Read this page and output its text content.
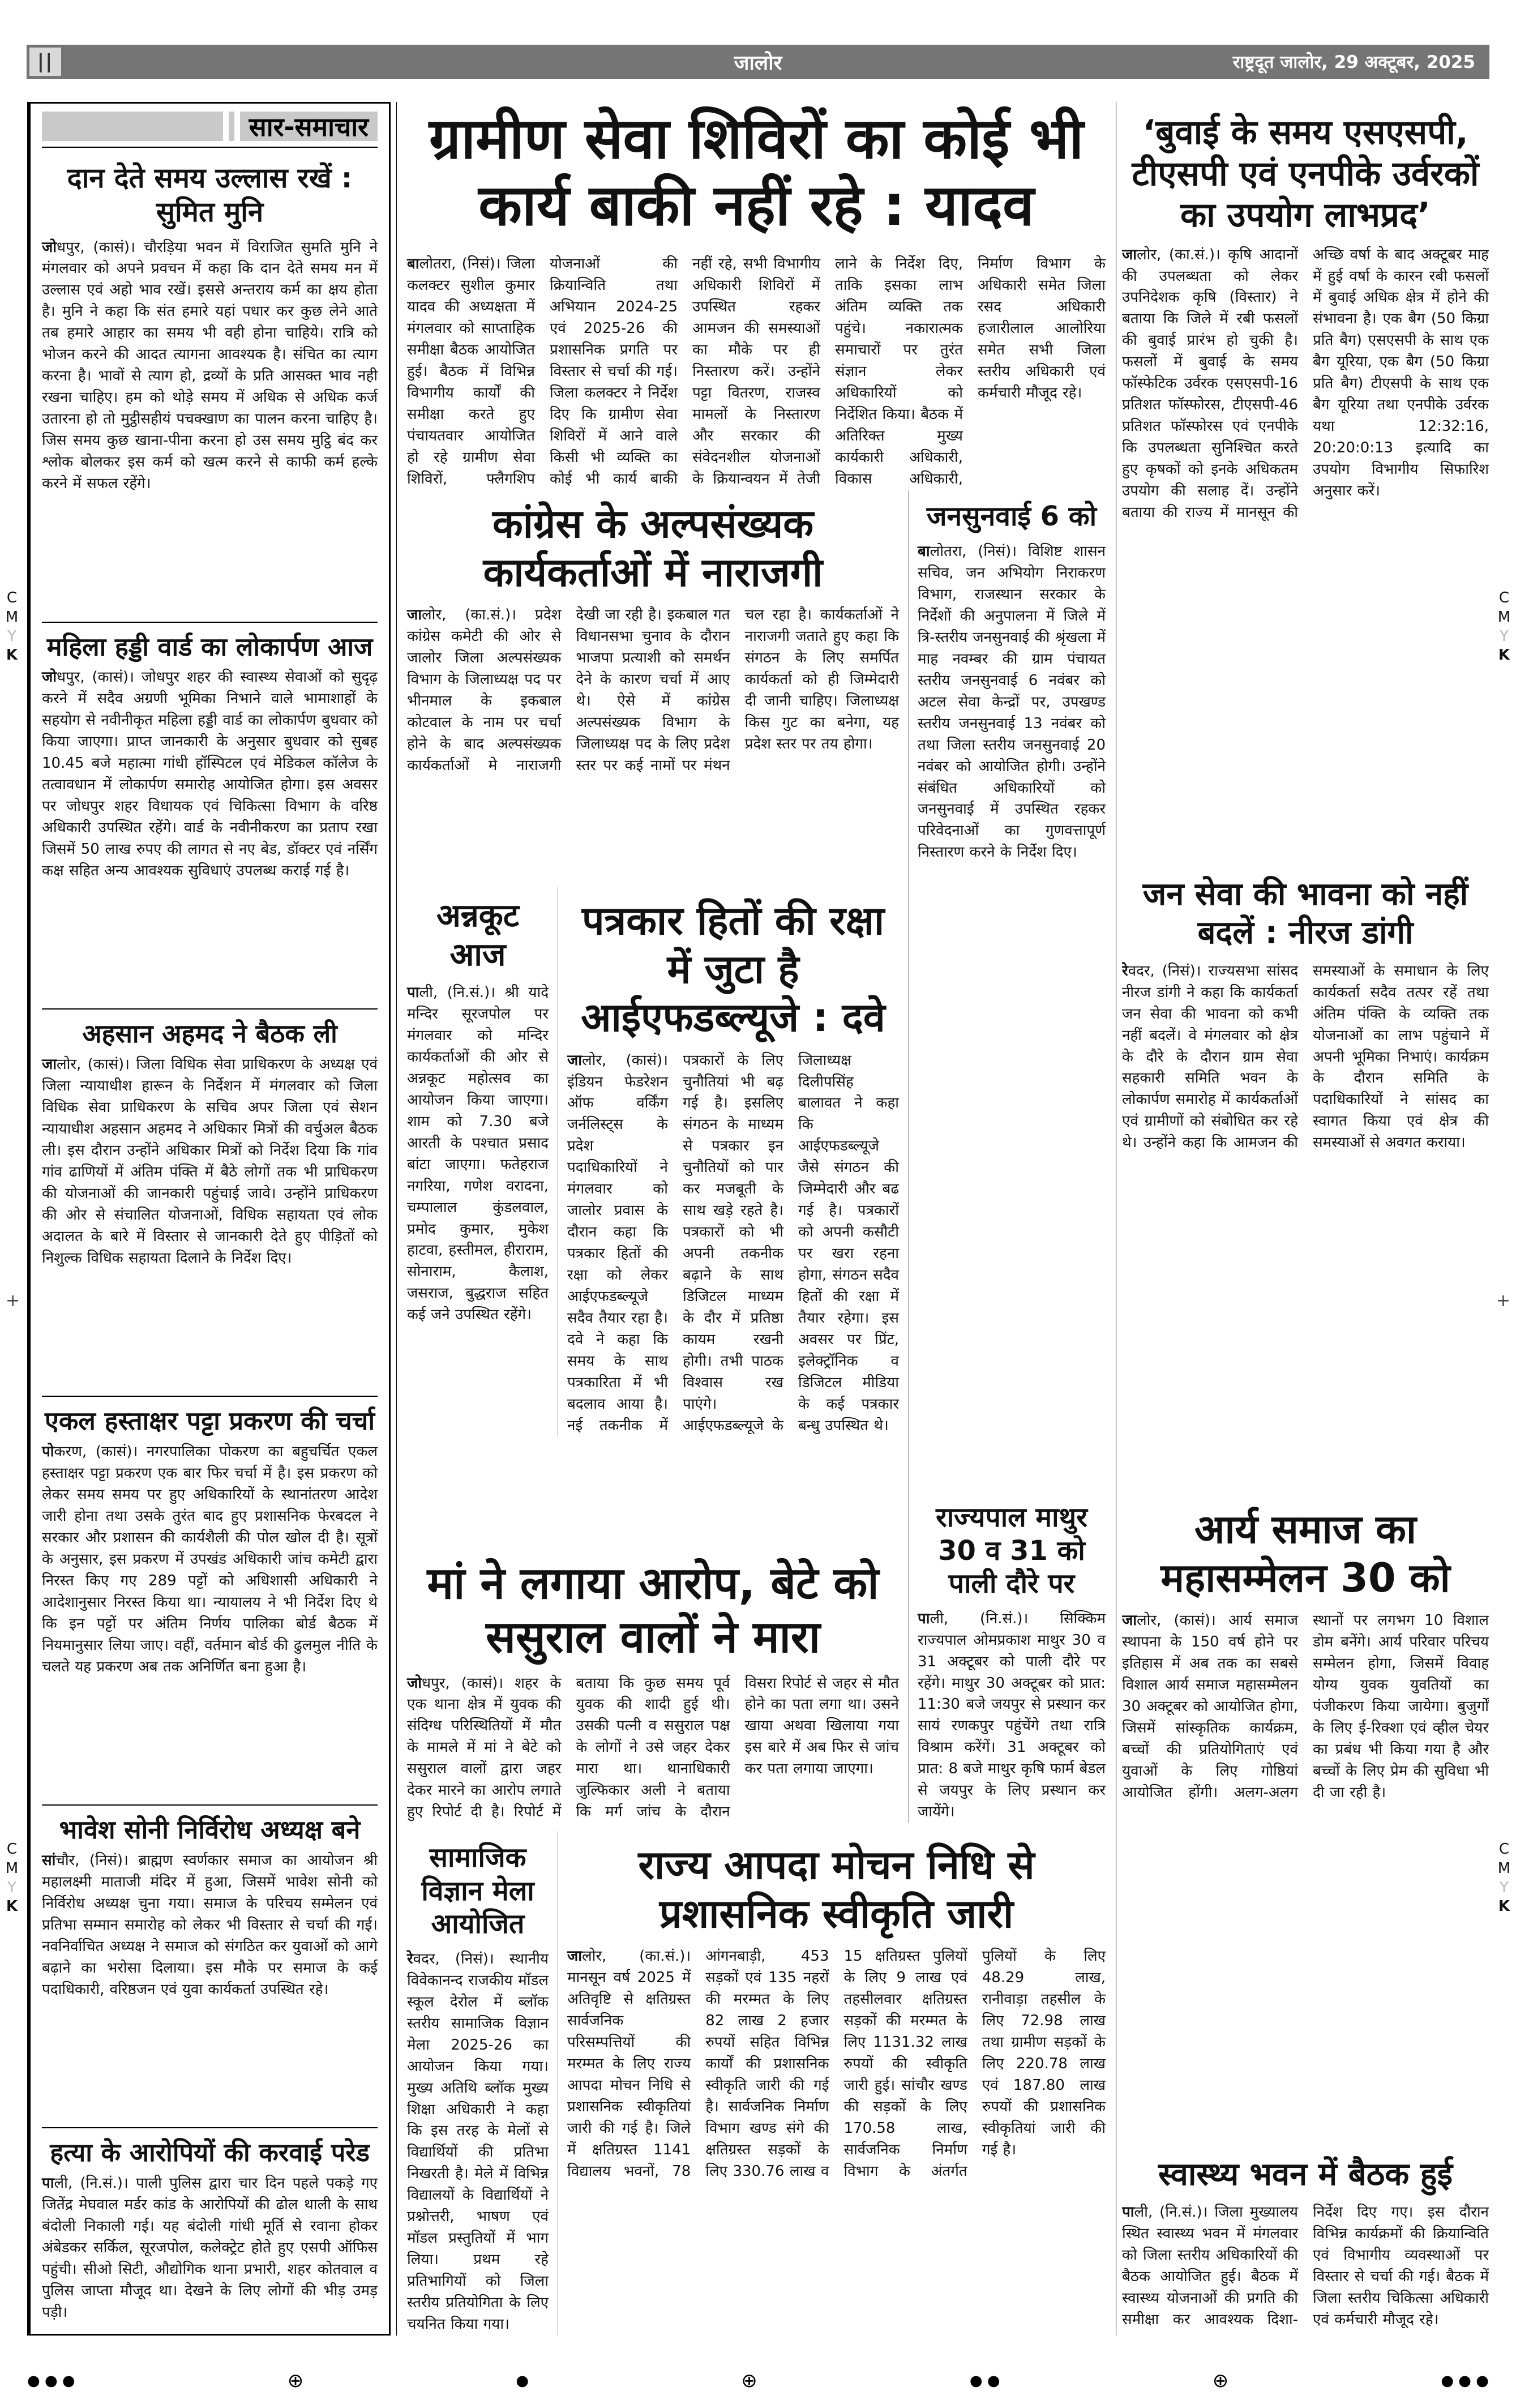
C
M
Y
K
C
M
Y
K
C
M
Y
K
C
M
Y
K
+	+
||	जालोर	राष्ट्रदूत जालोर, 29 अक्टूबर, 2025
सार-समाचार
दान देते समय उल्लास रखें : सुमित मुनि
जोधपुर, (कासं)। चौरड़िया भवन में विराजित सुमति मुनि ने मंगलवार को अपने प्रवचन में कहा कि दान देते समय मन में उल्लास एवं अहो भाव रखें। इससे अन्तराय कर्म का क्षय होता है। मुनि ने कहा कि संत हमारे यहां पधार कर कुछ लेने आते तब हमारे आहार का समय भी वही होना चाहिये। रात्रि को भोजन करने की आदत त्यागना आवश्यक है। संचित का त्याग करना है। भावों से त्याग हो, द्रव्यों के प्रति आसक्त भाव नही रखना चाहिए। हम को थोड़े समय में अधिक से अधिक कर्ज उतारना हो तो मुट्ठीसहीयं पचक्खाण का पालन करना चाहिए है। जिस समय कुछ खाना-पीना करना हो उस समय मुट्ठि बंद कर श्लोक बोलकर इस कर्म को खत्म करने से काफी कर्म हल्के करने में सफल रहेंगे।
महिला हड्डी वार्ड का लोकार्पण आज
जोधपुर, (कासं)। जोधपुर शहर की स्वास्थ्य सेवाओं को सुदृढ़ करने में सदैव अग्रणी भूमिका निभाने वाले भामाशाहों के सहयोग से नवीनीकृत महिला हड्डी वार्ड का लोकार्पण बुधवार को किया जाएगा। प्राप्त जानकारी के अनुसार बुधवार को सुबह 10.45 बजे महात्मा गांधी हॉस्पिटल एवं मेडिकल कॉलेज के तत्वावधान में लोकार्पण समारोह आयोजित होगा। इस अवसर पर जोधपुर शहर विधायक एवं चिकित्सा विभाग के वरिष्ठ अधिकारी उपस्थित रहेंगे। वार्ड के नवीनीकरण का प्रताप रखा जिसमें 50 लाख रुपए की लागत से नए बेड, डॉक्टर एवं नर्सिंग कक्ष सहित अन्य आवश्यक सुविधाएं उपलब्ध कराई गई है।
अहसान अहमद ने बैठक ली
जालोर, (कासं)। जिला विधिक सेवा प्राधिकरण के अध्यक्ष एवं जिला न्यायाधीश हारून के निर्देशन में मंगलवार को जिला विधिक सेवा प्राधिकरण के सचिव अपर जिला एवं सेशन न्यायाधीश अहसान अहमद ने अधिकार मित्रों की वर्चुअल बैठक ली। इस दौरान उन्होंने अधिकार मित्रों को निर्देश दिया कि गांव गांव ढाणियों में अंतिम पंक्ति में बैठे लोगों तक भी प्राधिकरण की योजनाओं की जानकारी पहुंचाई जावे। उन्होंने प्राधिकरण की ओर से संचालित योजनाओं, विधिक सहायता एवं लोक अदालत के बारे में विस्तार से जानकारी देते हुए पीड़ितों को निशुल्क विधिक सहायता दिलाने के निर्देश दिए।
एकल हस्ताक्षर पट्टा प्रकरण की चर्चा
पोकरण, (कासं)। नगरपालिका पोकरण का बहुचर्चित एकल हस्ताक्षर पट्टा प्रकरण एक बार फिर चर्चा में है। इस प्रकरण को लेकर समय समय पर हुए अधिकारियों के स्थानांतरण आदेश जारी होना तथा उसके तुरंत बाद हुए प्रशासनिक फेरबदल ने सरकार और प्रशासन की कार्यशैली की पोल खोल दी है। सूत्रों के अनुसार, इस प्रकरण में उपखंड अधिकारी जांच कमेटी द्वारा निरस्त किए गए 289 पट्टों को अधिशासी अधिकारी ने आदेशानुसार निरस्त किया था। न्यायालय ने भी निर्देश दिए थे कि इन पट्टों पर अंतिम निर्णय पालिका बोर्ड बैठक में नियमानुसार लिया जाए। वहीं, वर्तमान बोर्ड की ढुलमुल नीति के चलते यह प्रकरण अब तक अनिर्णित बना हुआ है।
भावेश सोनी निर्विरोध अध्यक्ष बने
सांचौर, (निसं)। ब्राह्मण स्वर्णकार समाज का आयोजन श्री महालक्ष्मी माताजी मंदिर में हुआ, जिसमें भावेश सोनी को निर्विरोध अध्यक्ष चुना गया। समाज के परिचय सम्मेलन एवं प्रतिभा सम्मान समारोह को लेकर भी विस्तार से चर्चा की गई। नवनिर्वाचित अध्यक्ष ने समाज को संगठित कर युवाओं को आगे बढ़ाने का भरोसा दिलाया। इस मौके पर समाज के कई पदाधिकारी, वरिष्ठजन एवं युवा कार्यकर्ता उपस्थित रहे।
हत्या के आरोपियों की करवाई परेड
पाली, (नि.सं.)। पाली पुलिस द्वारा चार दिन पहले पकड़े गए जितेंद्र मेघवाल मर्डर कांड के आरोपियों की ढोल थाली के साथ बंदोली निकाली गई। यह बंदोली गांधी मूर्ति से रवाना होकर अंबेडकर सर्किल, सूरजपोल, कलेक्ट्रेट होते हुए एसपी ऑफिस पहुंची। सीओ सिटी, औद्योगिक थाना प्रभारी, शहर कोतवाल व पुलिस जाप्ता मौजूद था। देखने के लिए लोगों की भीड़ उमड़ पड़ी।
ग्रामीण सेवा शिविरों का कोई भी कार्य बाकी नहीं रहे : यादव
बालोतरा, (निसं)। जिला कलक्टर सुशील कुमार यादव की अध्यक्षता में मंगलवार को साप्ताहिक समीक्षा बैठक आयोजित हुई। बैठक में विभिन्न विभागीय कार्यों की समीक्षा करते हुए पंचायतवार आयोजित हो रहे ग्रामीण सेवा शिविरों, फ्लैगशिप योजनाओं की क्रियान्विति तथा अभियान 2024-25 एवं 2025-26 की प्रशासनिक प्रगति पर विस्तार से चर्चा की गई। जिला कलक्टर ने निर्देश दिए कि ग्रामीण सेवा शिविरों में आने वाले किसी भी व्यक्ति का कोई भी कार्य बाकी नहीं रहे, सभी विभागीय अधिकारी शिविरों में उपस्थित रहकर आमजन की समस्याओं का मौके पर ही निस्तारण करें। उन्होंने पट्टा वितरण, राजस्व मामलों के निस्तारण और सरकार की संवेदनशील योजनाओं के क्रियान्वयन में तेजी लाने के निर्देश दिए, ताकि इसका लाभ अंतिम व्यक्ति तक पहुंचे। नकारात्मक समाचारों पर तुरंत संज्ञान लेकर अधिकारियों को निर्देशित किया। बैठक में अतिरिक्त मुख्य कार्यकारी अधिकारी, विकास अधिकारी, निर्माण विभाग के अधिकारी समेत जिला रसद अधिकारी हजारीलाल आलोरिया समेत सभी जिला स्तरीय अधिकारी एवं कर्मचारी मौजूद रहे।
कांग्रेस के अल्पसंख्यक कार्यकर्ताओं में नाराजगी
जालोर, (का.सं.)। प्रदेश कांग्रेस कमेटी की ओर से जालोर जिला अल्पसंख्यक विभाग के जिलाध्यक्ष पद पर भीनमाल के इकबाल कोटवाल के नाम पर चर्चा होने के बाद अल्पसंख्यक कार्यकर्ताओं मे नाराजगी देखी जा रही है। इकबाल गत विधानसभा चुनाव के दौरान भाजपा प्रत्याशी को समर्थन देने के कारण चर्चा में आए थे। ऐसे में कांग्रेस अल्पसंख्यक विभाग के जिलाध्यक्ष पद के लिए प्रदेश स्तर पर कई नामों पर मंथन चल रहा है। कार्यकर्ताओं ने नाराजगी जताते हुए कहा कि संगठन के लिए समर्पित कार्यकर्ता को ही जिम्मेदारी दी जानी चाहिए। जिलाध्यक्ष किस गुट का बनेगा, यह प्रदेश स्तर पर तय होगा।
अन्नकूट आज
पाली, (नि.सं.)। श्री यादे मन्दिर सूरजपोल पर मंगलवार को मन्दिर कार्यकर्ताओं की ओर से अन्नकूट महोत्सव का आयोजन किया जाएगा। शाम को 7.30 बजे आरती के पश्चात प्रसाद बांटा जाएगा। फतेहराज नगरिया, गणेश वरादना, चम्पालाल कुंडलवाल, प्रमोद कुमार, मुकेश हाटवा, हस्तीमल, हीराराम, सोनाराम, कैलाश, जसराज, बुद्धराज सहित कई जने उपस्थित रहेंगे।
पत्रकार हितों की रक्षा में जुटा है आईएफडब्ल्यूजे : दवे
जालोर, (कासं)। इंडियन फेडरेशन ऑफ वर्किंग जर्नलिस्ट्स के प्रदेश पदाधिकारियों ने मंगलवार को जालोर प्रवास के दौरान कहा कि पत्रकार हितों की रक्षा को लेकर आईएफडब्ल्यूजे सदैव तैयार रहा है। दवे ने कहा कि समय के साथ पत्रकारिता में भी बदलाव आया है। नई तकनीक में पत्रकारों के लिए चुनौतियां भी बढ़ गई है। इसलिए संगठन के माध्यम से पत्रकार इन चुनौतियों को पार कर मजबूती के साथ खड़े रहते है। पत्रकारों को भी अपनी तकनीक बढ़ाने के साथ डिजिटल माध्यम के दौर में प्रतिष्ठा कायम रखनी होगी। तभी पाठक विश्वास रख पाएंगे। आईएफडब्ल्यूजे के जिलाध्यक्ष दिलीपसिंह बालावत ने कहा कि आईएफडब्ल्यूजे जैसे संगठन की जिम्मेदारी और बढ गई है। पत्रकारों को अपनी कसौटी पर खरा रहना होगा, संगठन सदैव हितों की रक्षा में तैयार रहेगा। इस अवसर पर प्रिंट, इलेक्ट्रॉनिक व डिजिटल मीडिया के कई पत्रकार बन्धु उपस्थित थे।
मां ने लगाया आरोप, बेटे को ससुराल वालों ने मारा
जोधपुर, (कासं)। शहर के एक थाना क्षेत्र में युवक की संदिग्ध परिस्थितियों में मौत के मामले में मां ने बेटे को ससुराल वालों द्वारा जहर देकर मारने का आरोप लगाते हुए रिपोर्ट दी है। रिपोर्ट में बताया कि कुछ समय पूर्व युवक की शादी हुई थी। उसकी पत्नी व ससुराल पक्ष के लोगों ने उसे जहर देकर मारा था। थानाधिकारी जुल्फिकार अली ने बताया कि मर्ग जांच के दौरान विसरा रिपोर्ट से जहर से मौत होने का पता लगा था। उसने खाया अथवा खिलाया गया इस बारे में अब फिर से जांच कर पता लगाया जाएगा।
जनसुनवाई 6 को
बालोतरा, (निसं)। विशिष्ट शासन सचिव, जन अभियोग निराकरण विभाग, राजस्थान सरकार के निर्देशों की अनुपालना में जिले में त्रि-स्तरीय जनसुनवाई की श्रृंखला में माह नवम्बर की ग्राम पंचायत स्तरीय जनसुनवाई 6 नवंबर को अटल सेवा केन्द्रों पर, उपखण्ड स्तरीय जनसुनवाई 13 नवंबर को तथा जिला स्तरीय जनसुनवाई 20 नवंबर को आयोजित होगी। उन्होंने संबंधित अधिकारियों को जनसुनवाई में उपस्थित रहकर परिवेदनाओं का गुणवत्तापूर्ण निस्तारण करने के निर्देश दिए।
राज्यपाल माथुर 30 व 31 को पाली दौरे पर
पाली, (नि.सं.)। सिक्किम राज्यपाल ओमप्रकाश माथुर 30 व 31 अक्टूबर को पाली दौरे पर रहेंगे। माथुर 30 अक्टूबर को प्रात: 11:30 बजे जयपुर से प्रस्थान कर सायं रणकपुर पहुंचेंगे तथा रात्रि विश्राम करेंगें। 31 अक्टूबर को प्रात: 8 बजे माथुर कृषि फार्म बेडल से जयपुर के लिए प्रस्थान कर जायेंगे।
सामाजिक विज्ञान मेला आयोजित
रेवदर, (निसं)। स्थानीय विवेकानन्द राजकीय मॉडल स्कूल देरोल में ब्लॉक स्तरीय सामाजिक विज्ञान मेला 2025-26 का आयोजन किया गया। मुख्य अतिथि ब्लॉक मुख्य शिक्षा अधिकारी ने कहा कि इस तरह के मेलों से विद्यार्थियों की प्रतिभा निखरती है। मेले में विभिन्न विद्यालयों के विद्यार्थियों ने प्रश्नोत्तरी, भाषण एवं मॉडल प्रस्तुतियों में भाग लिया। प्रथम रहे प्रतिभागियों को जिला स्तरीय प्रतियोगिता के लिए चयनित किया गया।
राज्य आपदा मोचन निधि से प्रशासनिक स्वीकृति जारी
जालोर, (का.सं.)। मानसून वर्ष 2025 में अतिवृष्टि से क्षतिग्रस्त सार्वजनिक परिसम्पत्तियों की मरम्मत के लिए राज्य आपदा मोचन निधि से प्रशासनिक स्वीकृतियां जारी की गई है। जिले में क्षतिग्रस्त 1141 विद्यालय भवनों, 78 आंगनबाड़ी, 453 सड़कों एवं 135 नहरों की मरम्मत के लिए 82 लाख 2 हजार रुपयों सहित विभिन्न कार्यों की प्रशासनिक स्वीकृति जारी की गई है। सार्वजनिक निर्माण विभाग खण्ड संगे की क्षतिग्रस्त सड़कों के लिए 330.76 लाख व 15 क्षतिग्रस्त पुलियों के लिए 9 लाख एवं तहसीलवार क्षतिग्रस्त सड़कों की मरम्मत के लिए 1131.32 लाख रुपयों की स्वीकृति जारी हुई। सांचौर खण्ड की सड़कों के लिए 170.58 लाख, सार्वजनिक निर्माण विभाग के अंतर्गत पुलियों के लिए 48.29 लाख, रानीवाड़ा तहसील के लिए 72.98 लाख तथा ग्रामीण सड़कों के लिए 220.78 लाख एवं 187.80 लाख रुपयों की प्रशासनिक स्वीकृतियां जारी की गई है।
‘बुवाई के समय एसएसपी, टीएसपी एवं एनपीके उर्वरकों का उपयोग लाभप्रद’
जालोर, (का.सं.)। कृषि आदानों की उपलब्धता को लेकर उपनिदेशक कृषि (विस्तार) ने बताया कि जिले में रबी फसलों की बुवाई प्रारंभ हो चुकी है। फसलों में बुवाई के समय फॉस्फेटिक उर्वरक एसएसपी-16 प्रतिशत फॉस्फोरस, टीएसपी-46 प्रतिशत फॉस्फोरस एवं एनपीके कि उपलब्धता सुनिश्चित करते हुए कृषकों को इनके अधिकतम उपयोग की सलाह दें। उन्होंने बताया की राज्य में मानसून की अच्छि वर्षा के बाद अक्टूबर माह में हुई वर्षा के कारन रबी फसलों में बुवाई अधिक क्षेत्र में होने की संभावना है। एक बैग (50 किग्रा प्रति बैग) एसएसपी के साथ एक बैग यूरिया, एक बैग (50 किग्रा प्रति बैग) टीएसपी के साथ एक बैग यूरिया तथा एनपीके उर्वरक यथा 12:32:16, 20:20:0:13 इत्यादि का उपयोग विभागीय सिफारिश अनुसार करें।
जन सेवा की भावना को नहीं बदलें : नीरज डांगी
रेवदर, (निसं)। राज्यसभा सांसद नीरज डांगी ने कहा कि कार्यकर्ता जन सेवा की भावना को कभी नहीं बदलें। वे मंगलवार को क्षेत्र के दौरे के दौरान ग्राम सेवा सहकारी समिति भवन के लोकार्पण समारोह में कार्यकर्ताओं एवं ग्रामीणों को संबोधित कर रहे थे। उन्होंने कहा कि आमजन की समस्याओं के समाधान के लिए कार्यकर्ता सदैव तत्पर रहें तथा अंतिम पंक्ति के व्यक्ति तक योजनाओं का लाभ पहुंचाने में अपनी भूमिका निभाएं। कार्यक्रम के दौरान समिति के पदाधिकारियों ने सांसद का स्वागत किया एवं क्षेत्र की समस्याओं से अवगत कराया।
आर्य समाज का महासम्मेलन 30 को
जालोर, (कासं)। आर्य समाज स्थापना के 150 वर्ष होने पर इतिहास में अब तक का सबसे विशाल आर्य समाज महासम्मेलन 30 अक्टूबर को आयोजित होगा, जिसमें सांस्कृतिक कार्यक्रम, बच्चों की प्रतियोगिताएं एवं युवाओं के लिए गोष्ठियां आयोजित होंगी। अलग-अलग स्थानों पर लगभग 10 विशाल डोम बनेंगे। आर्य परिवार परिचय सम्मेलन होगा, जिसमें विवाह योग्य युवक युवतियों का पंजीकरण किया जायेगा। बुजुर्गों के लिए ई-रिक्शा एवं व्हील चेयर का प्रबंध भी किया गया है और बच्चों के लिए प्रेम की सुविधा भी दी जा रही है।
स्वास्थ्य भवन में बैठक हुई
पाली, (नि.सं.)। जिला मुख्यालय स्थित स्वास्थ्य भवन में मंगलवार को जिला स्तरीय अधिकारियों की बैठक आयोजित हुई। बैठक में स्वास्थ्य योजनाओं की प्रगति की समीक्षा कर आवश्यक दिशा-निर्देश दिए गए। इस दौरान विभिन्न कार्यक्रमों की क्रियान्विति एवं विभागीय व्यवस्थाओं पर विस्तार से चर्चा की गई। बैठक में जिला स्तरीय चिकित्सा अधिकारी एवं कर्मचारी मौजूद रहे।
● ● ●	⊕	●	⊕	● ●	⊕	● ● ●
